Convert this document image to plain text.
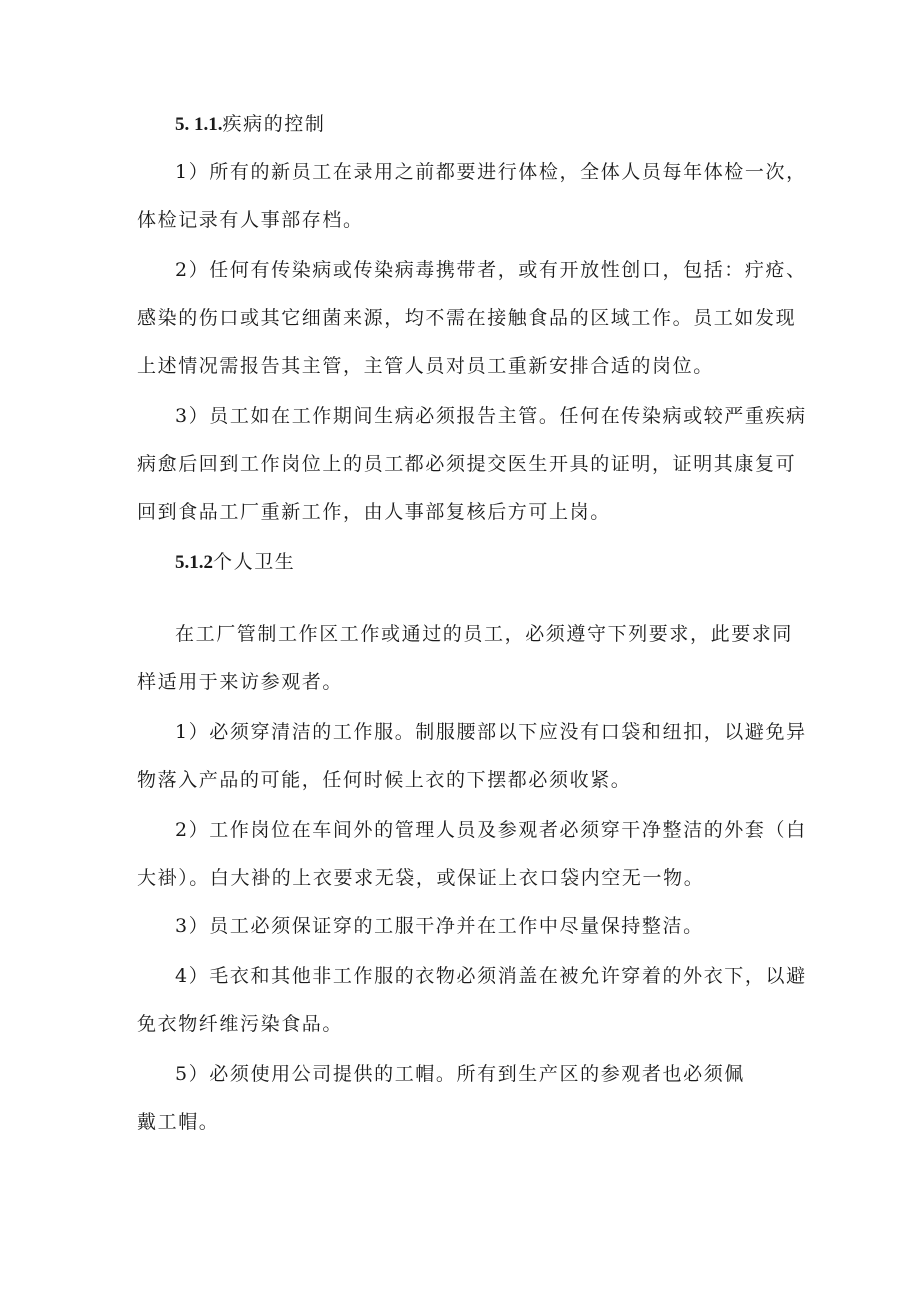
5. 1.1.疾病的控制
1）所有的新员工在录用之前都要进行体检，全体人员每年体检一次，
体检记录有人事部存档。
2）任何有传染病或传染病毒携带者，或有开放性创口，包括：疔疮、
感染的伤口或其它细菌来源，均不需在接触食品的区域工作。员工如发现
上述情况需报告其主管，主管人员对员工重新安排合适的岗位。
3）员工如在工作期间生病必须报告主管。任何在传染病或较严重疾病
病愈后回到工作岗位上的员工都必须提交医生开具的证明，证明其康复可
回到食品工厂重新工作，由人事部复核后方可上岗。
5.1.2个人卫生
在工厂管制工作区工作或通过的员工，必须遵守下列要求，此要求同
样适用于来访参观者。
1）必须穿清洁的工作服。制服腰部以下应没有口袋和纽扣，以避免异
物落入产品的可能，任何时候上衣的下摆都必须收紧。
2）工作岗位在车间外的管理人员及参观者必须穿干净整洁的外套（白
大褂）。白大褂的上衣要求无袋，或保证上衣口袋内空无一物。
3）员工必须保证穿的工服干净并在工作中尽量保持整洁。
4）毛衣和其他非工作服的衣物必须消盖在被允许穿着的外衣下，以避
免衣物纤维污染食品。
5）必须使用公司提供的工帽。所有到生产区的参观者也必须佩
戴工帽。
